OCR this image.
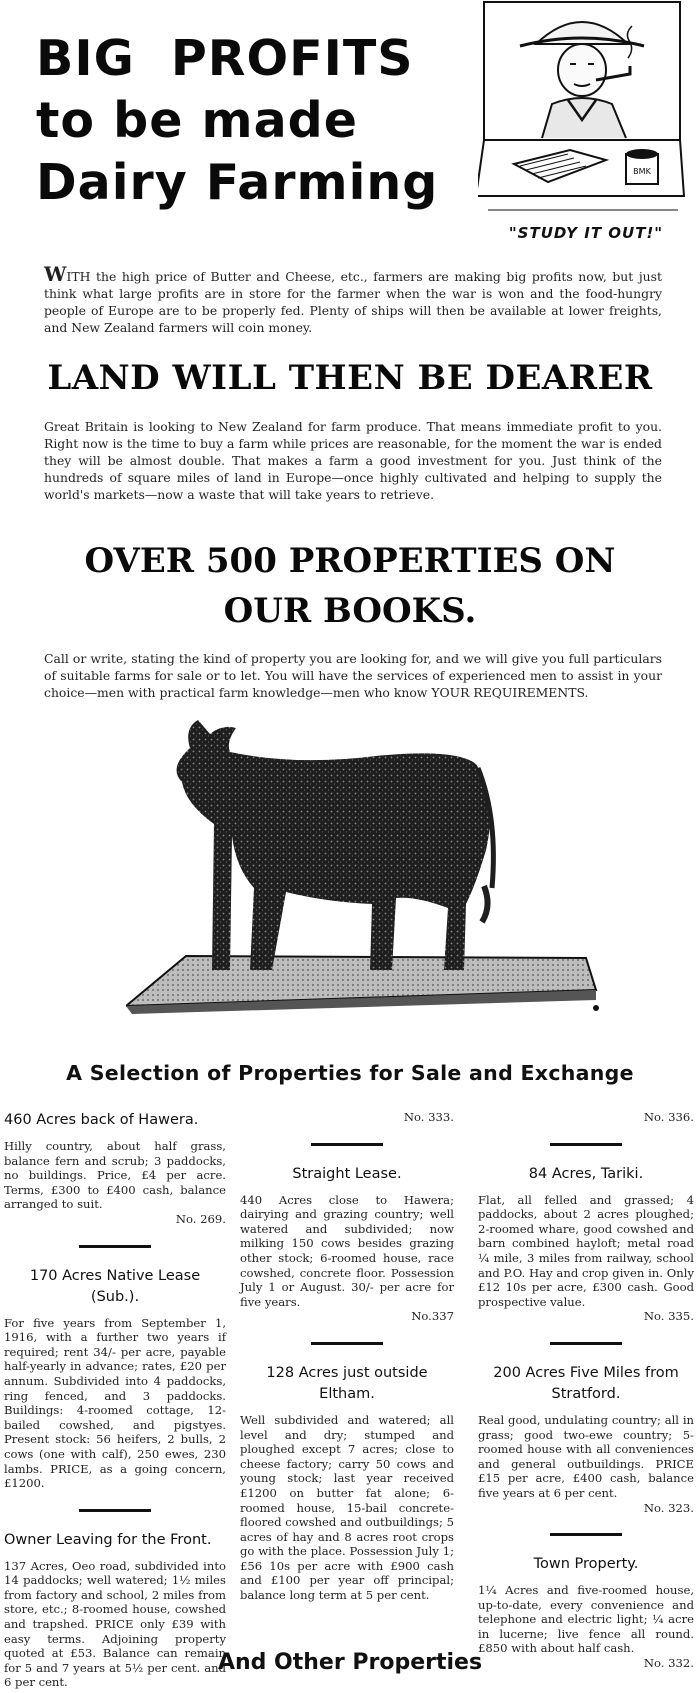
BIG PROFITS
to be made
Dairy Farming	BMK
"STUDY IT OUT!"
WITH the high price of Butter and Cheese, etc., farmers are making big profits now, but just think what large profits are in store for the farmer when the war is won and the food-hungry people of Europe are to be properly fed. Plenty of ships will then be available at lower freights, and New Zealand farmers will coin money.
LAND WILL THEN BE DEARER
Great Britain is looking to New Zealand for farm produce. That means immediate profit to you. Right now is the time to buy a farm while prices are reasonable, for the moment the war is ended they will be almost double. That makes a farm a good investment for you. Just think of the hundreds of square miles of land in Europe—once highly cultivated and helping to supply the world's markets—now a waste that will take years to retrieve.
OVER 500 PROPERTIES ON
OUR BOOKS.
Call or write, stating the kind of property you are looking for, and we will give you full particulars of suitable farms for sale or to let. You will have the services of experienced men to assist in your choice—men with practical farm knowledge—men who know YOUR REQUIREMENTS.
A Selection of Properties for Sale and Exchange
460 Acres back of Hawera.
Hilly country, about half grass, balance fern and scrub; 3 paddocks, no buildings. Price, £4 per acre. Terms, £300 to £400 cash, balance arranged to suit.
No. 269.
170 Acres Native Lease (Sub.).
For five years from September 1, 1916, with a further two years if required; rent 34/- per acre, payable half-yearly in advance; rates, £20 per annum. Subdivided into 4 paddocks, ring fenced, and 3 paddocks. Buildings: 4-roomed cottage, 12-bailed cowshed, and pigstyes. Present stock: 56 heifers, 2 bulls, 2 cows (one with calf), 250 ewes, 230 lambs. PRICE, as a going concern, £1200.
Owner Leaving for the Front.
137 Acres, Oeo road, subdivided into 14 paddocks; well watered; 1½ miles from factory and school, 2 miles from store, etc.; 8-roomed house, cowshed and trapshed. PRICE only £39 with easy terms. Adjoining property quoted at £53. Balance can remain for 5 and 7 years at 5½ per cent. and 6 per cent.
No. 333.
Straight Lease.
440 Acres close to Hawera; dairying and grazing country; well watered and subdivided; now milking 150 cows besides grazing other stock; 6-roomed house, race cowshed, concrete floor. Possession July 1 or August. 30/- per acre for five years.
No.337
128 Acres just outside Eltham.
Well subdivided and watered; all level and dry; stumped and ploughed except 7 acres; close to cheese factory; carry 50 cows and young stock; last year received £1200 on butter fat alone; 6-roomed house, 15-bail concrete-floored cowshed and outbuildings; 5 acres of hay and 8 acres root crops go with the place. Possession July 1; £56 10s per acre with £900 cash and £100 per year off principal; balance long term at 5 per cent.
No. 336.
84 Acres, Tariki.
Flat, all felled and grassed; 4 paddocks, about 2 acres ploughed; 2-roomed whare, good cowshed and barn combined hayloft; metal road ¼ mile, 3 miles from railway, school and P.O. Hay and crop given in. Only £12 10s per acre, £300 cash. Good prospective value.
No. 335.
200 Acres Five Miles from Stratford.
Real good, undulating country; all in grass; good two-ewe country; 5-roomed house with all conveniences and general outbuildings. PRICE £15 per acre, £400 cash, balance five years at 6 per cent.
No. 323.
Town Property.
1¼ Acres and five-roomed house, up-to-date, every convenience and telephone and electric light; ¼ acre in lucerne; live fence all round. £850 with about half cash.
No. 332.
And Other Properties
